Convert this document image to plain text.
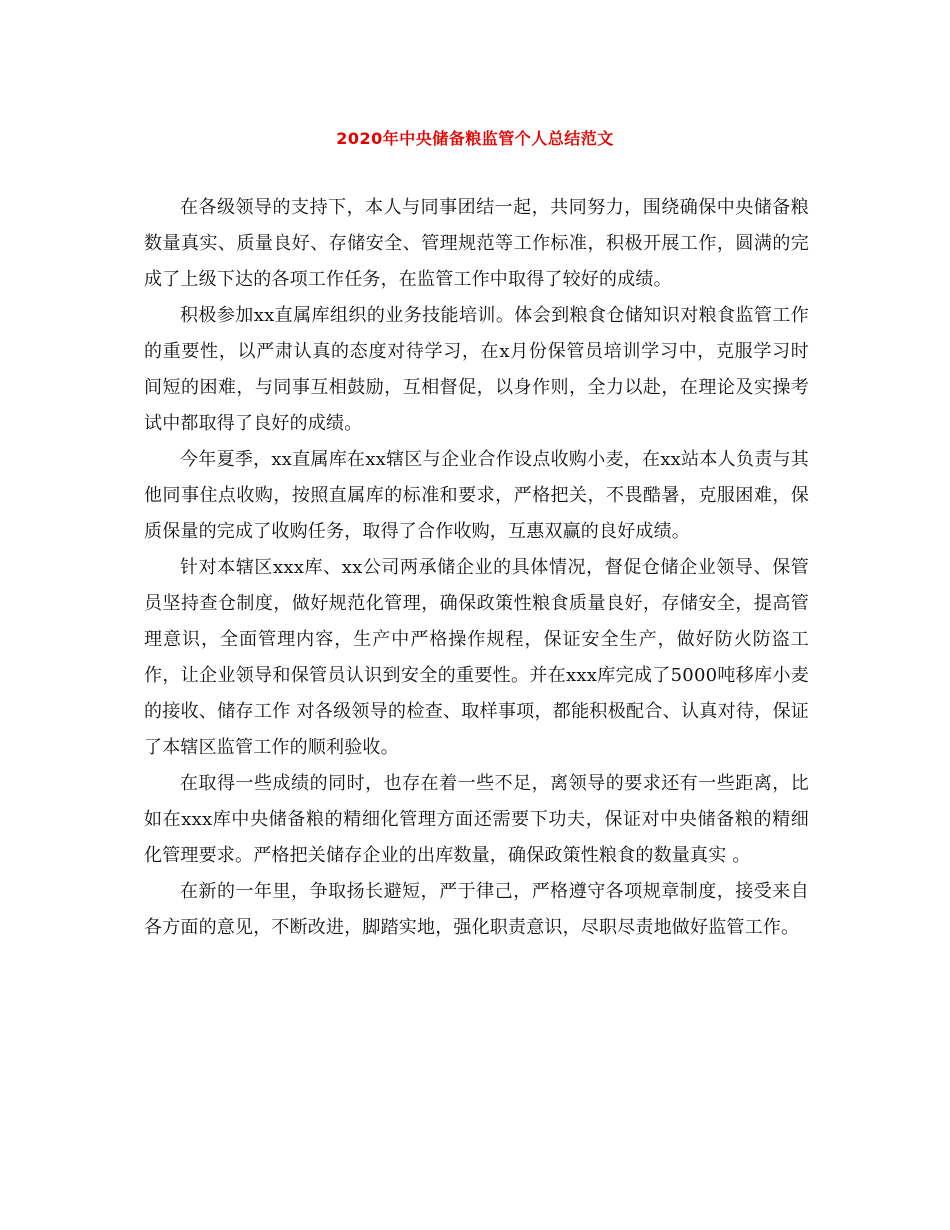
2020年中央储备粮监管个人总结范文

在各级领导的支持下，本人与同事团结一起，共同努力，围绕确保中央储备粮数量真实、质量良好、存储安全、管理规范等工作标准，积极开展工作，圆满的完成了上级下达的各项工作任务，在监管工作中取得了较好的成绩。

积极参加xx直属库组织的业务技能培训。体会到粮食仓储知识对粮食监管工作的重要性，以严肃认真的态度对待学习，在x月份保管员培训学习中，克服学习时间短的困难，与同事互相鼓励，互相督促，以身作则，全力以赴，在理论及实操考试中都取得了良好的成绩。

今年夏季，xx直属库在xx辖区与企业合作设点收购小麦，在xx站本人负责与其他同事住点收购，按照直属库的标准和要求，严格把关，不畏酷暑，克服困难，保质保量的完成了收购任务，取得了合作收购，互惠双赢的良好成绩。

针对本辖区xxx库、xx公司两承储企业的具体情况，督促仓储企业领导、保管员坚持查仓制度，做好规范化管理，确保政策性粮食质量良好，存储安全，提高管理意识，全面管理内容，生产中严格操作规程，保证安全生产，做好防火防盗工作，让企业领导和保管员认识到安全的重要性。并在xxx库完成了5000吨移库小麦的接收、储存工作 对各级领导的检查、取样事项，都能积极配合、认真对待，保证了本辖区监管工作的顺利验收。

在取得一些成绩的同时，也存在着一些不足，离领导的要求还有一些距离，比如在xxx库中央储备粮的精细化管理方面还需要下功夫，保证对中央储备粮的精细化管理要求。严格把关储存企业的出库数量，确保政策性粮食的数量真实 。

在新的一年里，争取扬长避短，严于律己，严格遵守各项规章制度，接受来自各方面的意见，不断改进，脚踏实地，强化职责意识，尽职尽责地做好监管工作。
